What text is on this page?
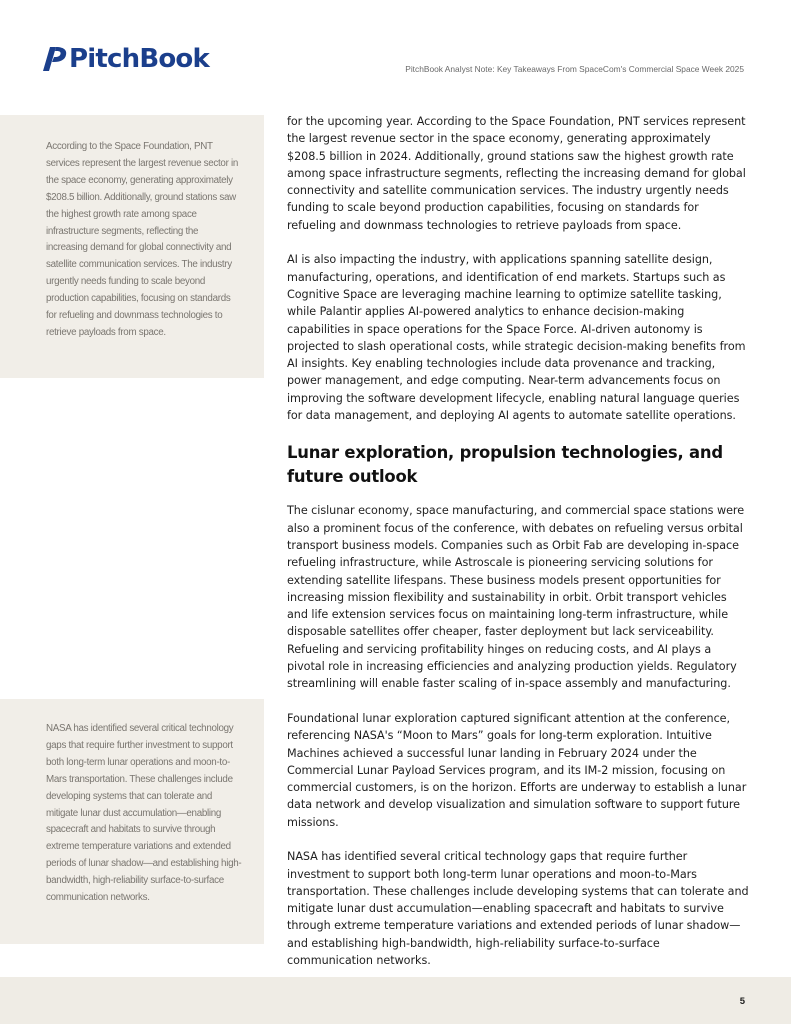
PitchBook	PitchBook Analyst Note: Key Takeaways From SpaceCom's Commercial Space Week 2025

According to the Space Foundation, PNT services represent the largest revenue sector in the space economy, generating approximately $208.5 billion. Additionally, ground stations saw the highest growth rate among space infrastructure segments, reflecting the increasing demand for global connectivity and satellite communication services. The industry urgently needs funding to scale beyond production capabilities, focusing on standards for refueling and downmass technologies to retrieve payloads from space.

NASA has identified several critical technology gaps that require further investment to support both long-term lunar operations and moon-to-Mars transportation. These challenges include developing systems that can tolerate and mitigate lunar dust accumulation—enabling spacecraft and habitats to survive through extreme temperature variations and extended periods of lunar shadow—and establishing high-bandwidth, high-reliability surface-to-surface communication networks.

for the upcoming year. According to the Space Foundation, PNT services represent the largest revenue sector in the space economy, generating approximately $208.5 billion in 2024. Additionally, ground stations saw the highest growth rate among space infrastructure segments, reflecting the increasing demand for global connectivity and satellite communication services. The industry urgently needs funding to scale beyond production capabilities, focusing on standards for refueling and downmass technologies to retrieve payloads from space.

AI is also impacting the industry, with applications spanning satellite design, manufacturing, operations, and identification of end markets. Startups such as Cognitive Space are leveraging machine learning to optimize satellite tasking, while Palantir applies AI-powered analytics to enhance decision-making capabilities in space operations for the Space Force. AI-driven autonomy is projected to slash operational costs, while strategic decision-making benefits from AI insights. Key enabling technologies include data provenance and tracking, power management, and edge computing. Near-term advancements focus on improving the software development lifecycle, enabling natural language queries for data management, and deploying AI agents to automate satellite operations.

Lunar exploration, propulsion technologies, and future outlook

The cislunar economy, space manufacturing, and commercial space stations were also a prominent focus of the conference, with debates on refueling versus orbital transport business models. Companies such as Orbit Fab are developing in-space refueling infrastructure, while Astroscale is pioneering servicing solutions for extending satellite lifespans. These business models present opportunities for increasing mission flexibility and sustainability in orbit. Orbit transport vehicles and life extension services focus on maintaining long-term infrastructure, while disposable satellites offer cheaper, faster deployment but lack serviceability. Refueling and servicing profitability hinges on reducing costs, and AI plays a pivotal role in increasing efficiencies and analyzing production yields. Regulatory streamlining will enable faster scaling of in-space assembly and manufacturing.

Foundational lunar exploration captured significant attention at the conference, referencing NASA's “Moon to Mars” goals for long-term exploration. Intuitive Machines achieved a successful lunar landing in February 2024 under the Commercial Lunar Payload Services program, and its IM-2 mission, focusing on commercial customers, is on the horizon. Efforts are underway to establish a lunar data network and develop visualization and simulation software to support future missions.

NASA has identified several critical technology gaps that require further investment to support both long-term lunar operations and moon-to-Mars transportation. These challenges include developing systems that can tolerate and mitigate lunar dust accumulation—enabling spacecraft and habitats to survive through extreme temperature variations and extended periods of lunar shadow—and establishing high-bandwidth, high-reliability surface-to-surface communication networks.

5
